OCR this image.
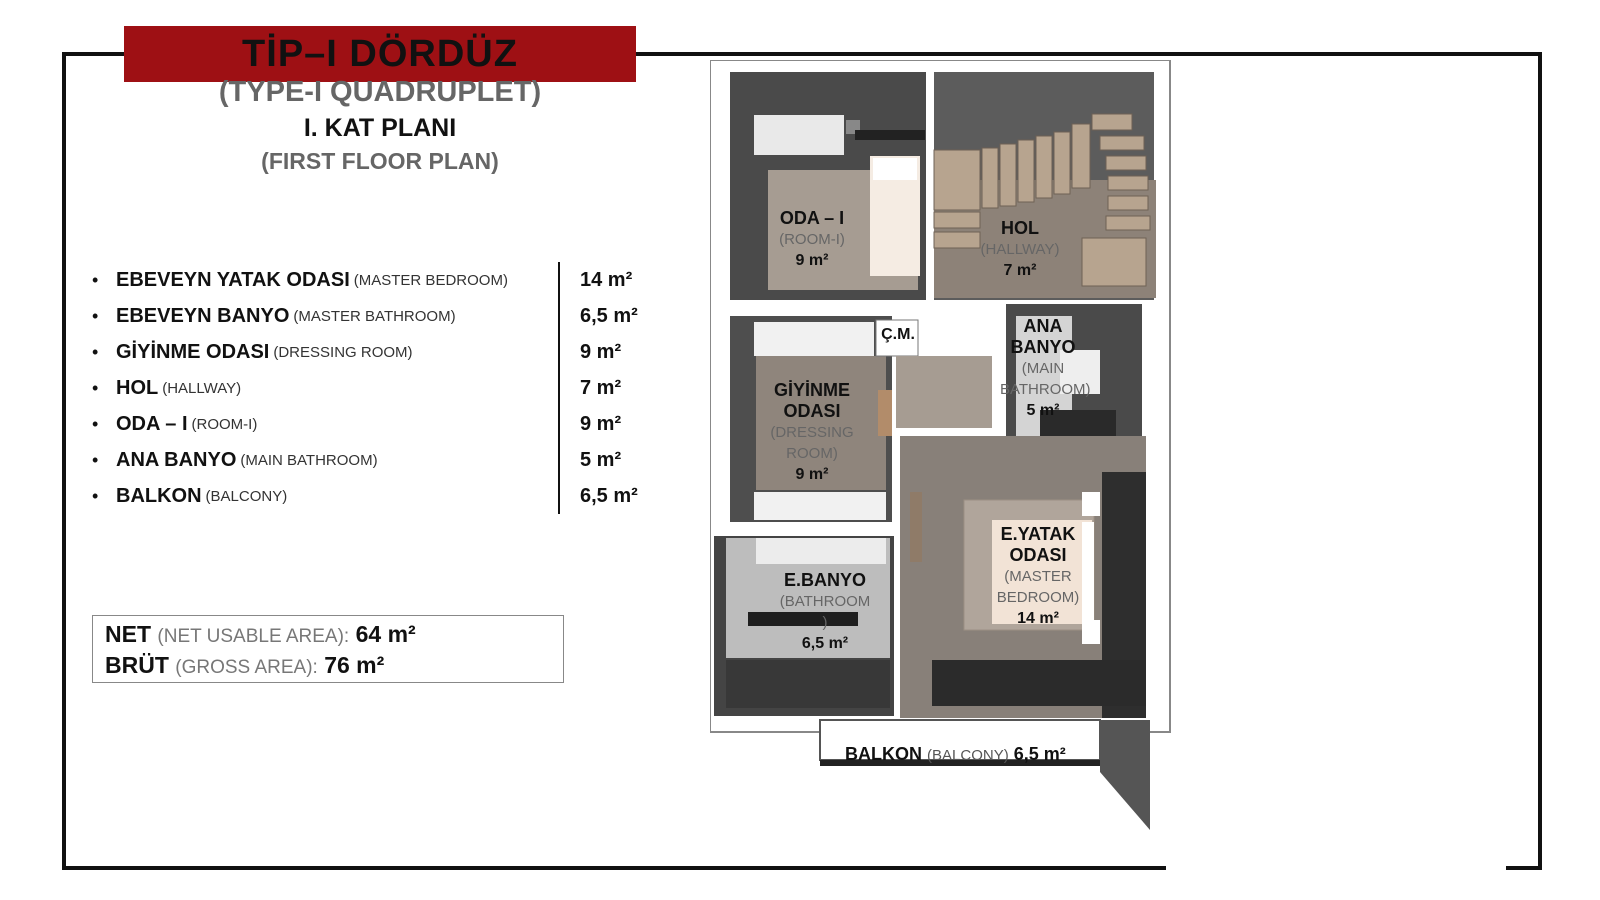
TİP–I DÖRDÜZ
(TYPE-I QUADRUPLET)
I. KAT PLANI
(FIRST FLOOR PLAN)
• EBEVEYN YATAK ODASI (MASTER BEDROOM)	14 m²
• EBEVEYN BANYO (MASTER BATHROOM)	6,5 m²
• GİYİNME ODASI (DRESSING ROOM)	9 m²
• HOL (HALLWAY)	7 m²
• ODA – I (ROOM-I)	9 m²
• ANA BANYO (MAIN BATHROOM)	5 m²
• BALKON (BALCONY)	6,5 m²
NET (NET USABLE AREA): 64 m²
BRÜT (GROSS AREA): 76 m²
ODA – I
(ROOM-I)
9 m²
HOL
(HALLWAY)
7 m²
Ç.M.	ANA
BANYO
(MAIN
BATHROOM)
5 m²
GİYİNME
ODASI
(DRESSING
ROOM)
9 m²
E.YATAK
ODASI
(MASTER
BEDROOM)
14 m²
E.BANYO
(BATHROOM
)
6,5 m²
BALKON (BALCONY) 6,5 m²
